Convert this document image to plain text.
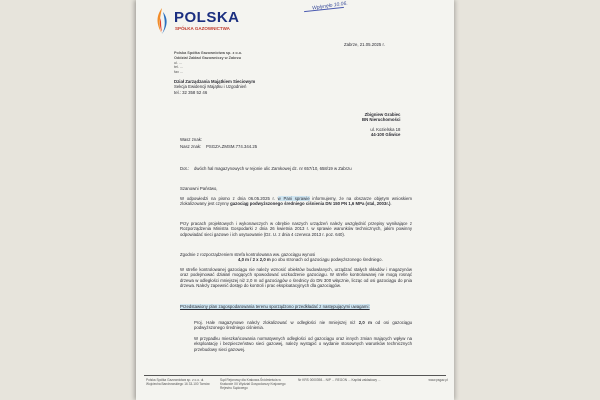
POLSKA
SPÓŁKA GAZOWNICTWA
Wpłynęło 10.06.
Polska Spółka Gazownictwa sp. z o.o.
Oddział Zakład Gazowniczy w Zabrzu
ul. ...
tel. ...
fax ...
Zabrze, 21.05.2025 r.
Dział Zarządzania Majątkiem Sieciowym
Sekcja Ewidencji Majątku i Uzgodnień
tel.: 32 358 52 46
Zbigniew Grabiec
BN Nieruchomości
ul. Kozielska 18
44-100 Gliwice
Wasz znak:
Nasz znak: PSGZA.ZMSM.774.344.25
Dot.: dwóch hal magazynowych w rejonie ulic Zamkowej dz. nr 657/10, 658/19 w Zabrzu
Szanowni Państwo,
W odpowiedzi na pismo z dnia 06.05.2025 r. w Pani sprawie informujemy, że na obszarze objętym wnioskiem zlokalizowany jest czynny gazociąg podwyższonego średniego ciśnienia DN 150 PN 1,6 MPa (stal, 2003r.).
Przy pracach projektowych i wykonawczych w obrębie naszych urządzeń należy uwzględnić przepisy wynikające z Rozporządzenia Ministra Gospodarki z dnia 26 kwietnia 2013 r. w sprawie warunków technicznych, jakim powinny odpowiadać sieci gazowe i ich usytuowanie (Dz. U. z dnia 4 czerwca 2013 r. poz. 640).
Zgodnie z rozporządzeniem strefa kontrolowana ww. gazociągu wynosi
4,0 m / 2 x 2,0 m po obu stronach od gazociągu podwyższonego średniego.
W strefie kontrolowanej gazociągu nie należy wznosić obiektów budowlanych, urządzać stałych składów i magazynów oraz podejmować działań mogących spowodować uszkodzenie gazociągu. W strefie kontrolowanej nie mogą rosnąć drzewa w odległości mniejszej niż 2,0 m od gazociągów o średnicy do DN 300 włącznie, licząc od osi gazociągu do pnia drzewa. Należy zapewnić dostęp do kontroli i prac eksploatacyjnych dla gazociągów.
Przedstawiony plan zagospodarowania terenu sporządzono przedkładać z następującymi uwagami:
Proj. Hale magazynowe należy zlokalizować w odległości nie mniejszej niż 2,0 m od osi gazociągu podwyższonego średniego ciśnienia.
W przypadku mieszkańcowania normatywnych odległości od gazociągu oraz innych zmian mających wpływ na eksploatację i bezpieczeństwo sieci gazowej, należy wystąpić o wydanie stosownych warunków technicznych przebudowy sieci gazowej.
Polska Spółka Gazownictwa sp. z o.o. ul. Wojciecha Bandrowskiego 16 33-100 Tarnów
Sąd Rejonowy dla Krakowa-Śródmieścia w Krakowie XII Wydział Gospodarczy Krajowego Rejestru Sądowego
Nr KRS 0000398... NIP ... REGON ... Kapitał zakładowy ...	www.psgaz.pl
